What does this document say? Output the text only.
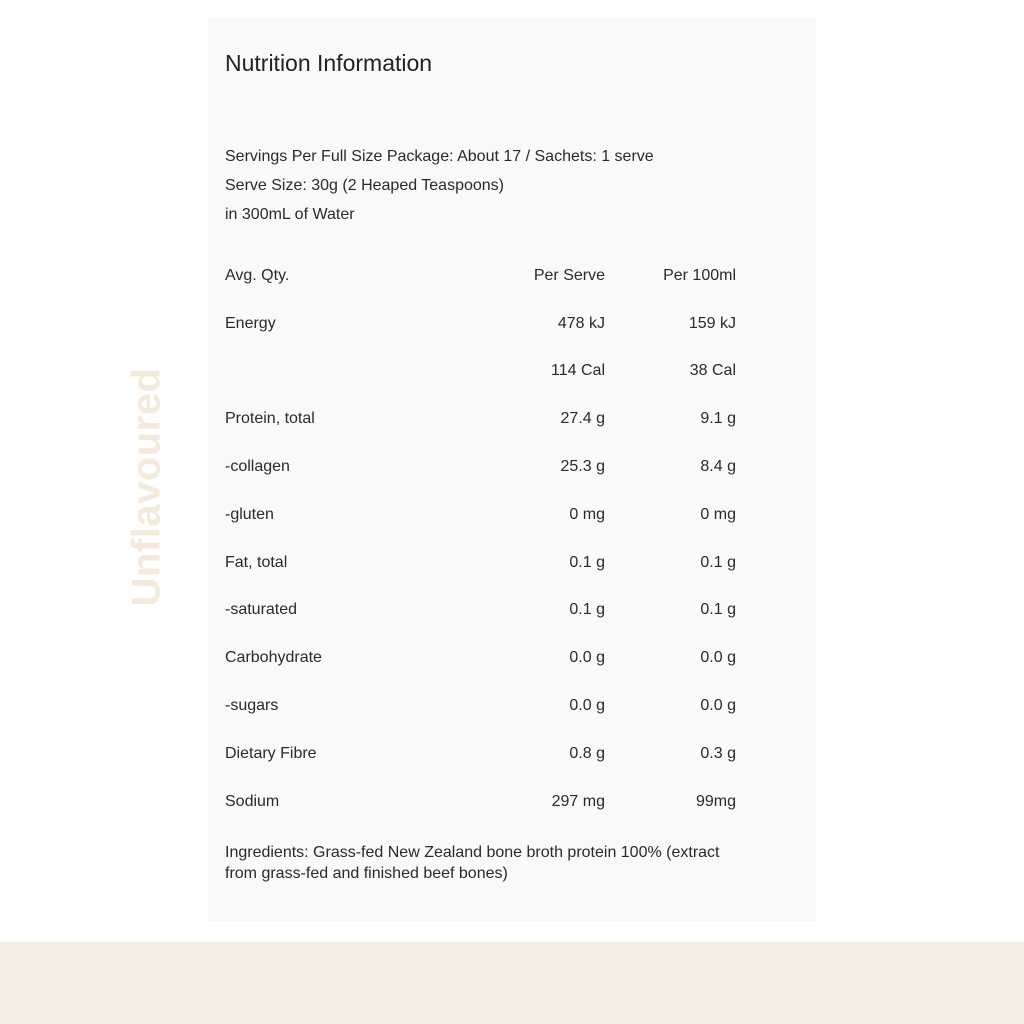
Unflavoured
Nutrition Information
Servings Per Full Size Package: About 17 / Sachets: 1 serve
Serve Size: 30g (2 Heaped Teaspoons)
in 300mL of Water
Avg. Qty.	Per Serve	Per 100ml
Energy	478 kJ	159 kJ
	114 Cal	38 Cal
Protein, total	27.4 g	9.1 g
-collagen	25.3 g	8.4 g
-gluten	0 mg	0 mg
Fat, total	0.1 g	0.1 g
-saturated	0.1 g	0.1 g
Carbohydrate	0.0 g	0.0 g
-sugars	0.0 g	0.0 g
Dietary Fibre	0.8 g	0.3 g
Sodium	297 mg	99mg
Ingredients: Grass-fed New Zealand bone broth protein 100% (extract from grass-fed and finished beef bones)
